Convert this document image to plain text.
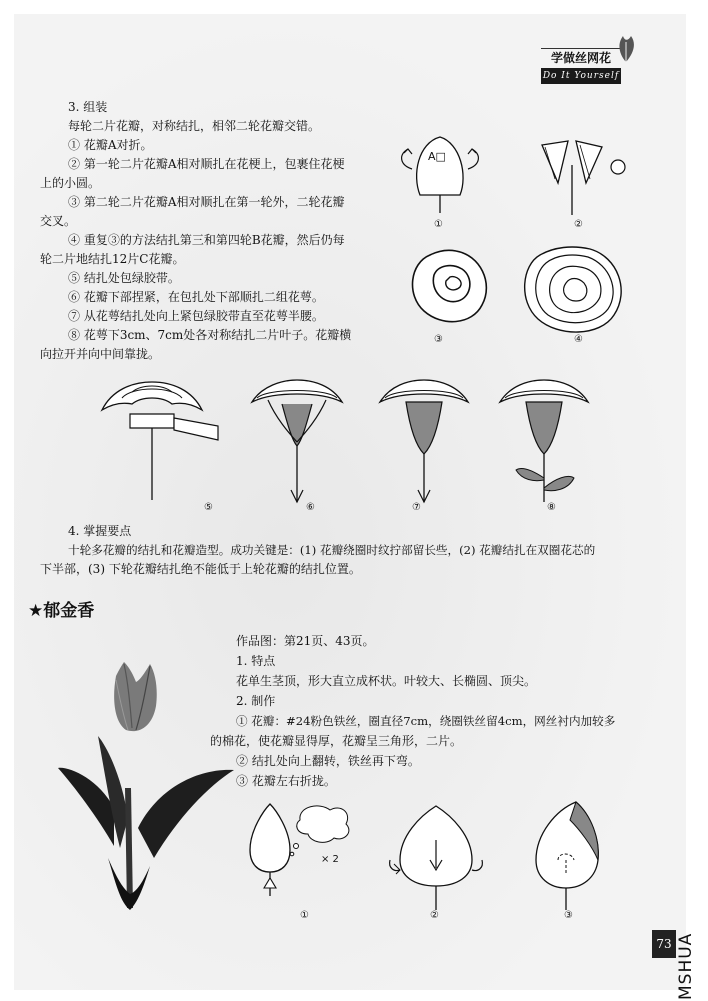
学做丝网花
Do It Yourself
3. 组装
每轮二片花瓣，对称结扎，相邻二轮花瓣交错。
① 花瓣A对折。
② 第一轮二片花瓣A相对顺扎在花梗上，包裹住花梗
上的小圆。
③ 第二轮二片花瓣A相对顺扎在第一轮外，二轮花瓣
交叉。
④ 重复③的方法结扎第三和第四轮B花瓣，然后仍每
轮二片地结扎12片C花瓣。
⑤ 结扎处包绿胶带。
⑥ 花瓣下部捏紧，在包扎处下部顺扎二组花萼。
⑦ 从花萼结扎处向上紧包绿胶带直至花萼半腰。
⑧ 花萼下3cm、7cm处各对称结扎二片叶子。花瓣横
向拉开并向中间靠拢。
A□
①	②
③	④
⑤	⑥	⑦	⑧
4. 掌握要点
十轮多花瓣的结扎和花瓣造型。成功关键是：(1) 花瓣绕圈时纹拧部留长些，(2) 花瓣结扎在双圈花芯的
下半部，(3) 下轮花瓣结扎绝不能低于上轮花瓣的结扎位置。
★郁金香
作品图：第21页、43页。
1. 特点
花单生茎顶，形大直立成杯状。叶较大、长椭圆、顶尖。
2. 制作
① 花瓣：#24粉色铁丝，圈直径7cm，绕圈铁丝留4cm，网丝衬内加较多
的棉花，使花瓣显得厚，花瓣呈三角形，二片。
② 结扎处向上翻转，铁丝再下弯。
③ 花瓣左右折拢。
× 2
①	②	③
73 MSHUA
